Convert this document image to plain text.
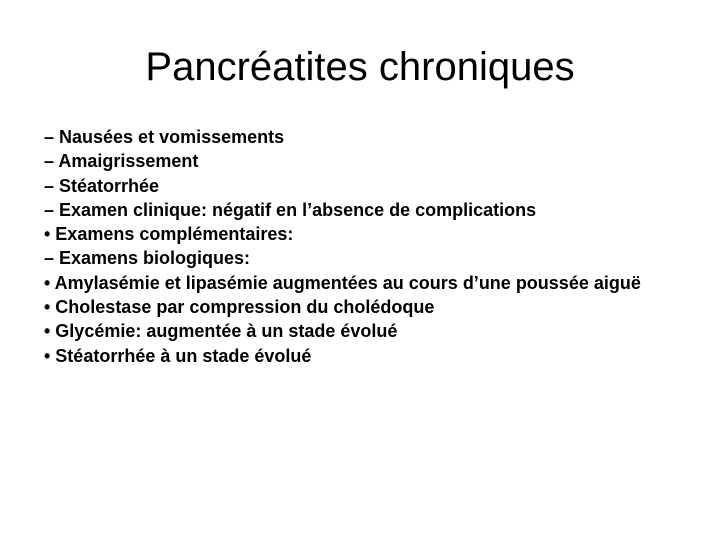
Pancréatites chroniques
– Nausées et vomissements
– Amaigrissement
– Stéatorrhée
– Examen clinique: négatif en l’absence de complications
• Examens complémentaires:
– Examens biologiques:
• Amylasémie et lipasémie augmentées au cours d’une poussée aiguë
• Cholestase par compression du cholédoque
• Glycémie: augmentée à un stade évolué
• Stéatorrhée à un stade évolué
